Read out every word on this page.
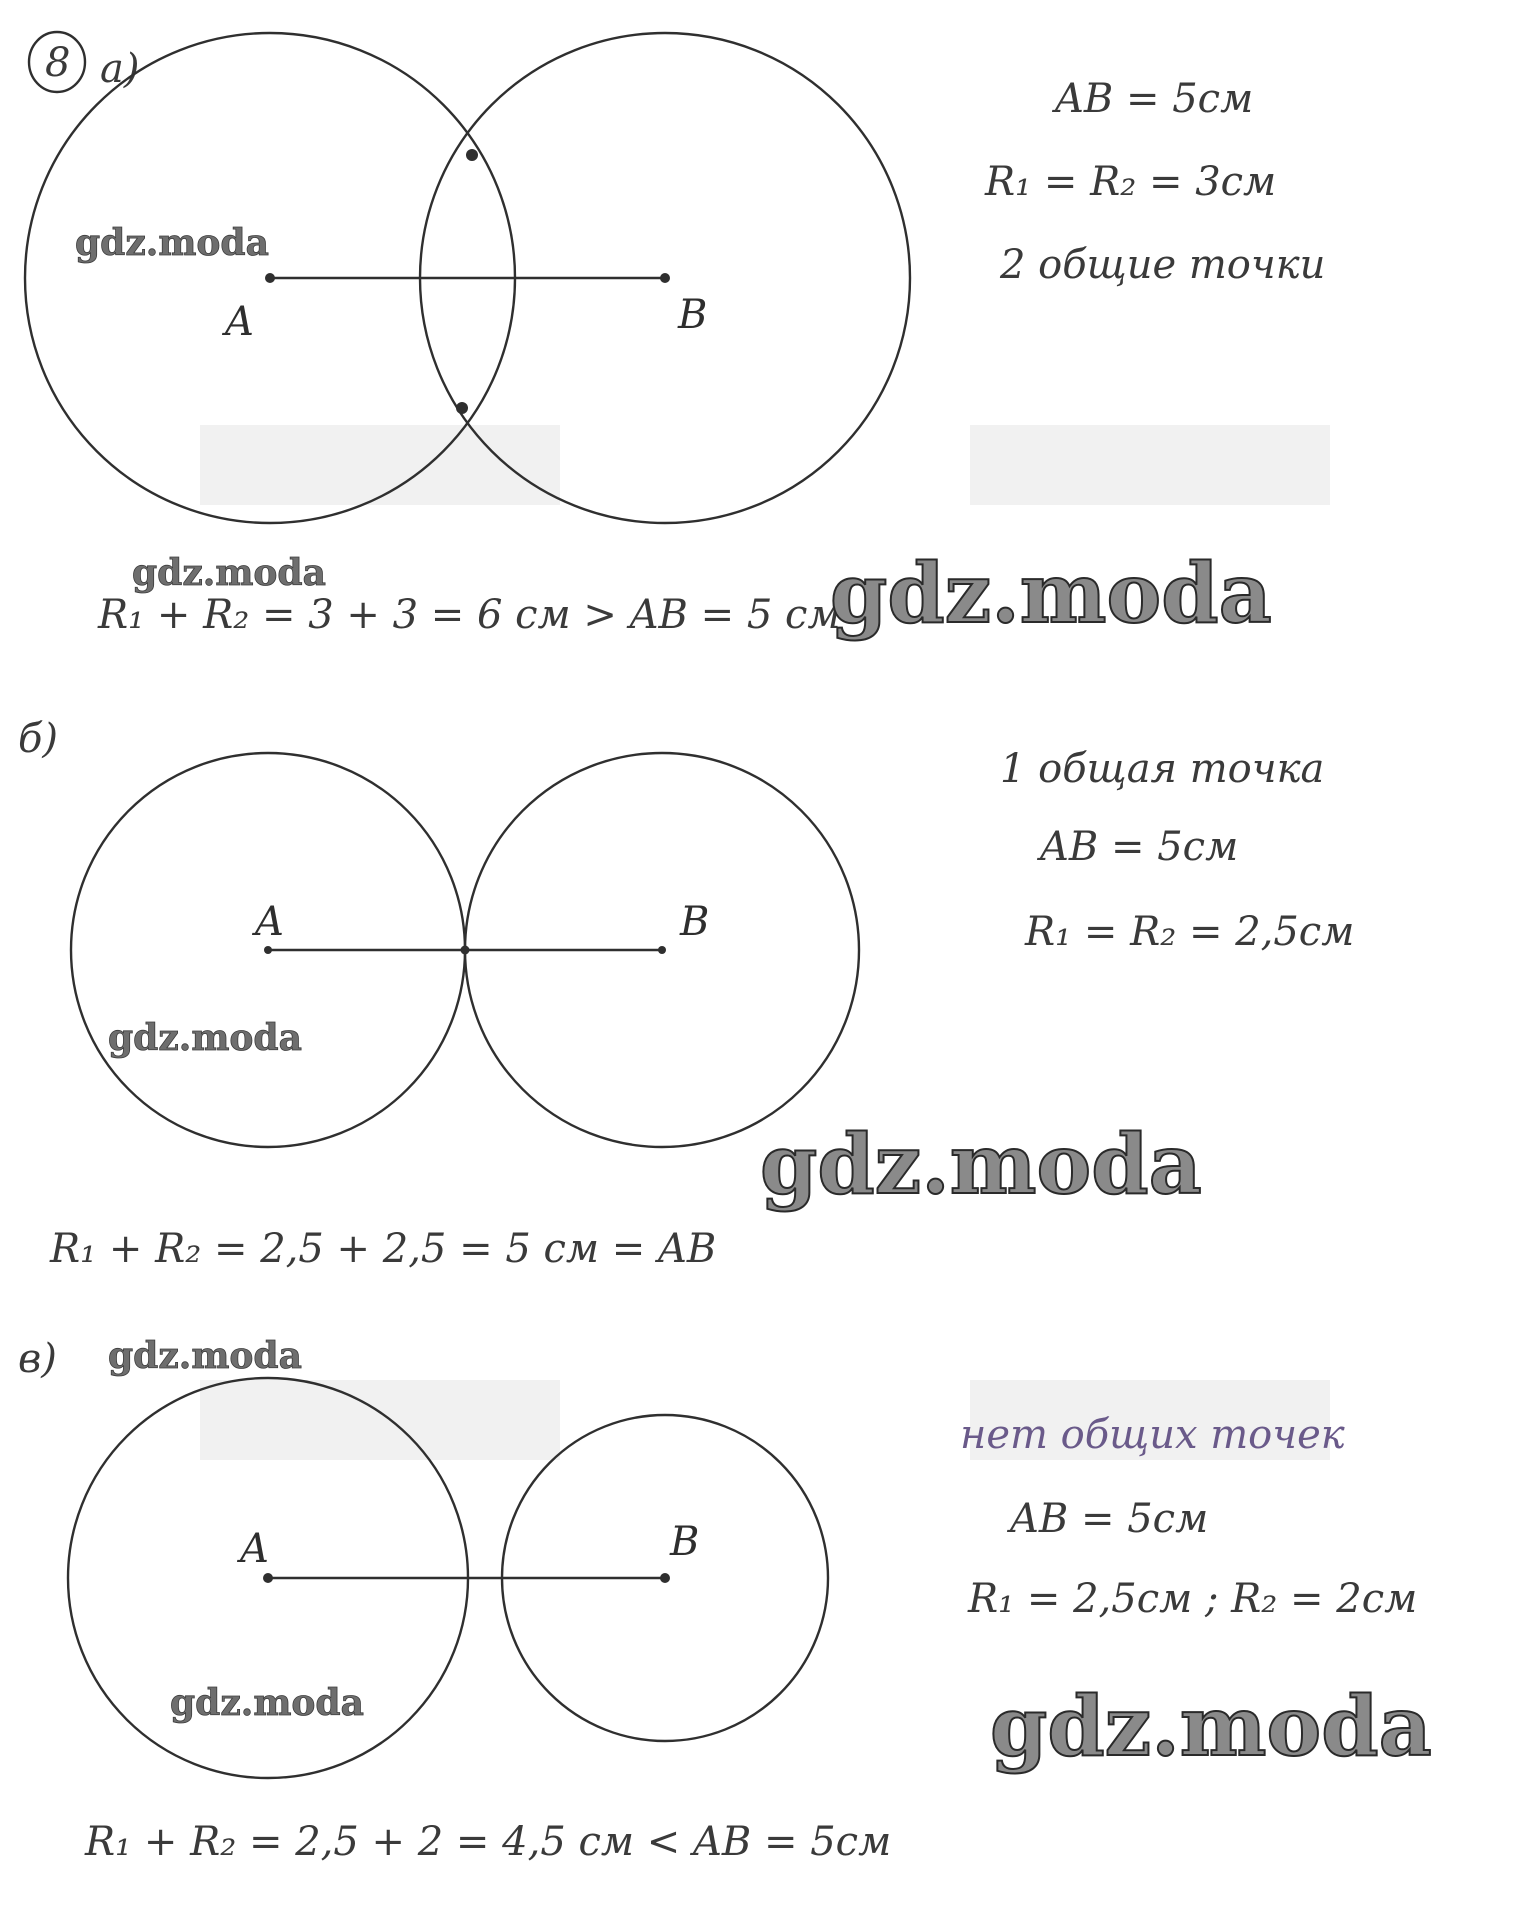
8 а)
A	B
AB = 5см
R₁ = R₂ = 3см
2 общие точки
R₁ + R₂ = 3 + 3 = 6 см > AB = 5 см
gdz.moda
gdz.moda	gdz.moda
б)
A	B
1 общая точка
AB = 5см
R₁ = R₂ = 2,5см
R₁ + R₂ = 2,5 + 2,5 = 5 см = AB
gdz.moda
gdz.moda
в) gdz.moda
A	B
нет общих точек
AB = 5см
R₁ = 2,5см ; R₂ = 2см
gdz.moda	gdz.moda
R₁ + R₂ = 2,5 + 2 = 4,5 см < AB = 5см
